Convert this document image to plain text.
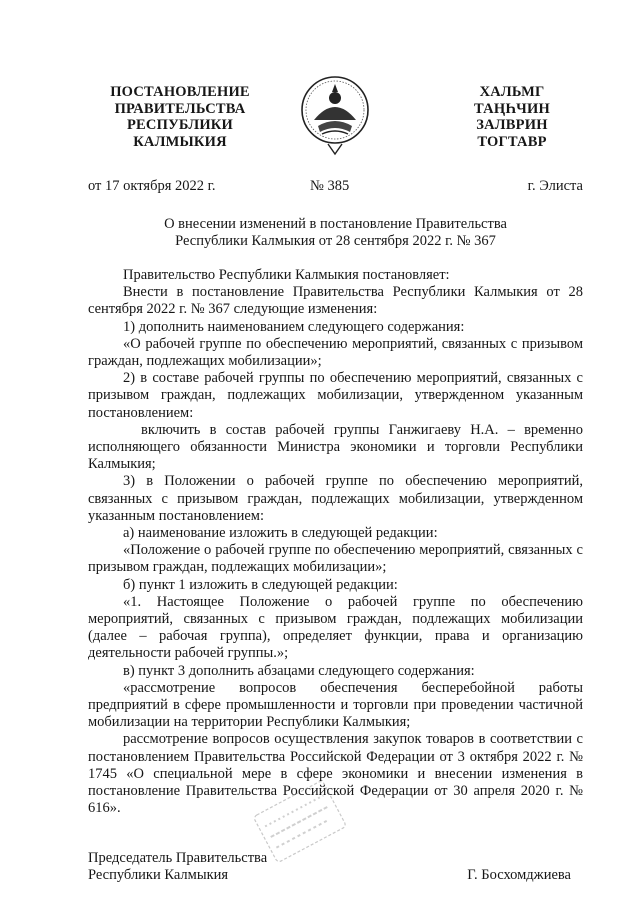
ПОСТАНОВЛЕНИЕ
ПРАВИТЕЛЬСТВА
РЕСПУБЛИКИ
КАЛМЫКИЯ
ХАЛЬМГ
ТАҢҺЧИН
ЗАЛВРИН
ТОГТАВР
от 17 октября 2022 г.	№ 385	г. Элиста
О внесении изменений в постановление Правительства
Республики Калмыкия от 28 сентября 2022 г. № 367

Правительство Республики Калмыкия постановляет:

Внести в постановление Правительства Республики Калмыкия от 28 сентября 2022 г. № 367 следующие изменения:

1) дополнить наименованием следующего содержания:

«О рабочей группе по обеспечению мероприятий, связанных с призывом граждан, подлежащих мобилизации»;

2) в составе рабочей группы по обеспечению мероприятий, связанных с призывом граждан, подлежащих мобилизации, утвержденном указанным постановлением:

включить в состав рабочей группы Ганжигаеву Н.А. – временно исполняющего обязанности Министра экономики и торговли Республики Калмыкия;

3) в Положении о рабочей группе по обеспечению мероприятий, связанных с призывом граждан, подлежащих мобилизации, утвержденном указанным постановлением:

а) наименование изложить в следующей редакции:

«Положение о рабочей группе по обеспечению мероприятий, связанных с призывом граждан, подлежащих мобилизации»;

б) пункт 1 изложить в следующей редакции:

«1. Настоящее Положение о рабочей группе по обеспечению мероприятий, связанных с призывом граждан, подлежащих мобилизации (далее – рабочая группа), определяет функции, права и организацию деятельности рабочей группы.»;

в) пункт 3 дополнить абзацами следующего содержания:

«рассмотрение вопросов обеспечения бесперебойной работы предприятий в сфере промышленности и торговли при проведении частичной мобилизации на территории Республики Калмыкия;

рассмотрение вопросов осуществления закупок товаров в соответствии с постановлением Правительства Российской Федерации от 3 октября 2022 г. № 1745 «О специальной мере в сфере экономики и внесении изменения в постановление Правительства Российской Федерации от 30 апреля 2020 г. № 616».

Председатель Правительства
Республики Калмыкия	Г. Босхомджиева
